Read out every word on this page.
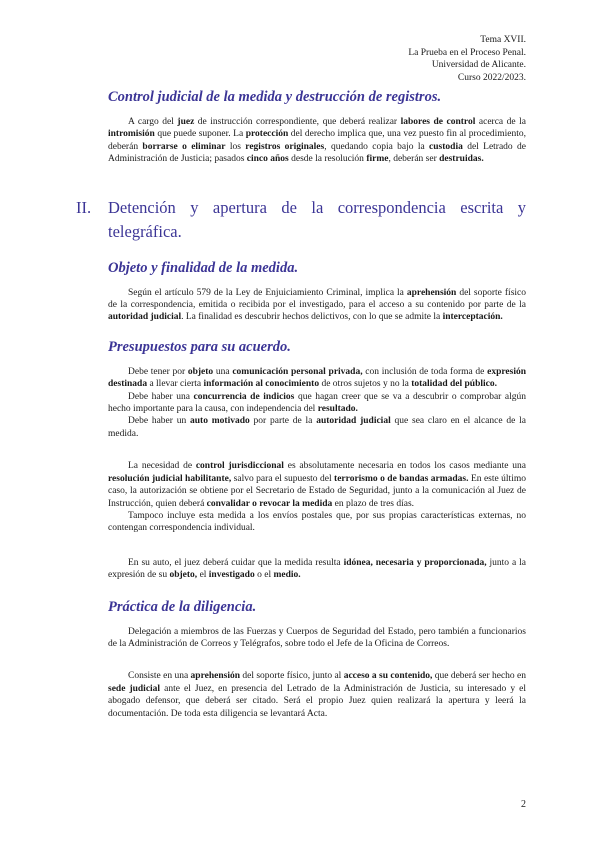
Tema XVII.
La Prueba en el Proceso Penal.
Universidad de Alicante.
Curso 2022/2023.
Control judicial de la medida y destrucción de registros.

A cargo del juez de instrucción correspondiente, que deberá realizar labores de control acerca de la intromisión que puede suponer. La protección del derecho implica que, una vez puesto fin al procedimiento, deberán borrarse o eliminar los registros originales, quedando copia bajo la custodia del Letrado de Administración de Justicia; pasados cinco años desde la resolución firme, deberán ser destruidas.

II.	Detención y apertura de la correspondencia escrita y telegráfica.
Objeto y finalidad de la medida.

Según el artículo 579 de la Ley de Enjuiciamiento Criminal, implica la aprehensión del soporte físico de la correspondencia, emitida o recibida por el investigado, para el acceso a su contenido por parte de la autoridad judicial. La finalidad es descubrir hechos delictivos, con lo que se admite la interceptación.

Presupuestos para su acuerdo.

Debe tener por objeto una comunicación personal privada, con inclusión de toda forma de expresión destinada a llevar cierta información al conocimiento de otros sujetos y no la totalidad del público.

Debe haber una concurrencia de indicios que hagan creer que se va a descubrir o comprobar algún hecho importante para la causa, con independencia del resultado.

Debe haber un auto motivado por parte de la autoridad judicial que sea claro en el alcance de la medida.

La necesidad de control jurisdiccional es absolutamente necesaria en todos los casos mediante una resolución judicial habilitante, salvo para el supuesto del terrorismo o de bandas armadas. En este último caso, la autorización se obtiene por el Secretario de Estado de Seguridad, junto a la comunicación al Juez de Instrucción, quien deberá convalidar o revocar la medida en plazo de tres días.

Tampoco incluye esta medida a los envíos postales que, por sus propias características externas, no contengan correspondencia individual.

En su auto, el juez deberá cuidar que la medida resulta idónea, necesaria y proporcionada, junto a la expresión de su objeto, el investigado o el medio.

Práctica de la diligencia.

Delegación a miembros de las Fuerzas y Cuerpos de Seguridad del Estado, pero también a funcionarios de la Administración de Correos y Telégrafos, sobre todo el Jefe de la Oficina de Correos.

Consiste en una aprehensión del soporte físico, junto al acceso a su contenido, que deberá ser hecho en sede judicial ante el Juez, en presencia del Letrado de la Administración de Justicia, su interesado y el abogado defensor, que deberá ser citado. Será el propio Juez quien realizará la apertura y leerá la documentación. De toda esta diligencia se levantará Acta.

2
